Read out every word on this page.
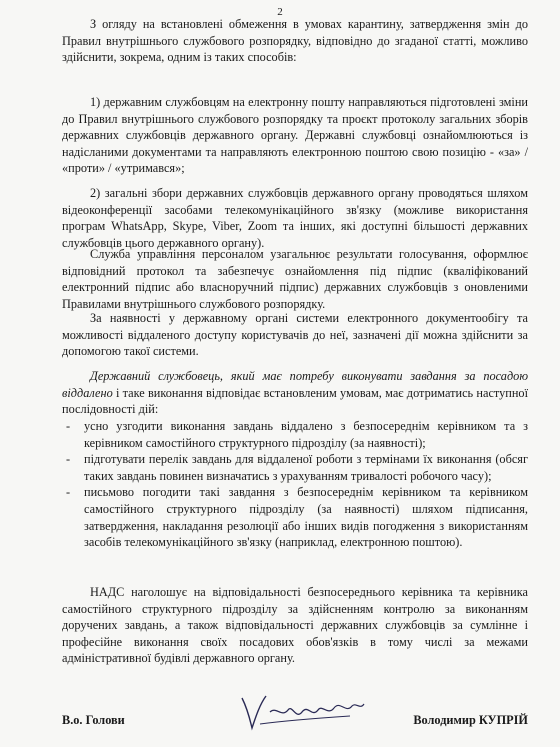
2

З огляду на встановлені обмеження в умовах карантину, затвердження змін до Правил внутрішнього службового розпорядку, відповідно до згаданої статті, можливо здійснити, зокрема, одним із таких способів:

1) державним службовцям на електронну пошту направляються підготовлені зміни до Правил внутрішнього службового розпорядку та проєкт протоколу загальних зборів державних службовців державного органу. Державні службовці ознайомлюються із надісланими документами та направляють електронною поштою свою позицію - «за» / «проти» / «утримався»;

2) загальні збори державних службовців державного органу проводяться шляхом відеоконференції засобами телекомунікаційного зв'язку (можливе використання програм WhatsApp, Skype, Viber, Zoom та інших, які доступні більшості державних службовців цього державного органу).

Служба управління персоналом узагальнює результати голосування, оформлює відповідний протокол та забезпечує ознайомлення під підпис (кваліфікований електронний підпис або власноручний підпис) державних службовців з оновленими Правилами внутрішнього службового розпорядку.

За наявності у державному органі системи електронного документообігу та можливості віддаленого доступу користувачів до неї, зазначені дії можна здійснити за допомогою такої системи.

Державний службовець, який має потребу виконувати завдання за посадою віддалено і таке виконання відповідає встановленим умовам, має дотриматись наступної послідовності дій:

- усно узгодити виконання завдань віддалено з безпосереднім керівником та з керівником самостійного структурного підрозділу (за наявності);
- підготувати перелік завдань для віддаленої роботи з термінами їх виконання (обсяг таких завдань повинен визначатись з урахуванням тривалості робочого часу);
- письмово погодити такі завдання з безпосереднім керівником та керівником самостійного структурного підрозділу (за наявності) шляхом підписання, затвердження, накладання резолюції або інших видів погодження з використанням засобів телекомунікаційного зв'язку (наприклад, електронною поштою).

НАДС наголошує на відповідальності безпосереднього керівника та керівника самостійного структурного підрозділу за здійсненням контролю за виконанням доручених завдань, а також відповідальності державних службовців за сумлінне і професійне виконання своїх посадових обов'язків в тому числі за межами адміністративної будівлі державного органу.

В.о. Голови	Володимир КУПРІЙ
